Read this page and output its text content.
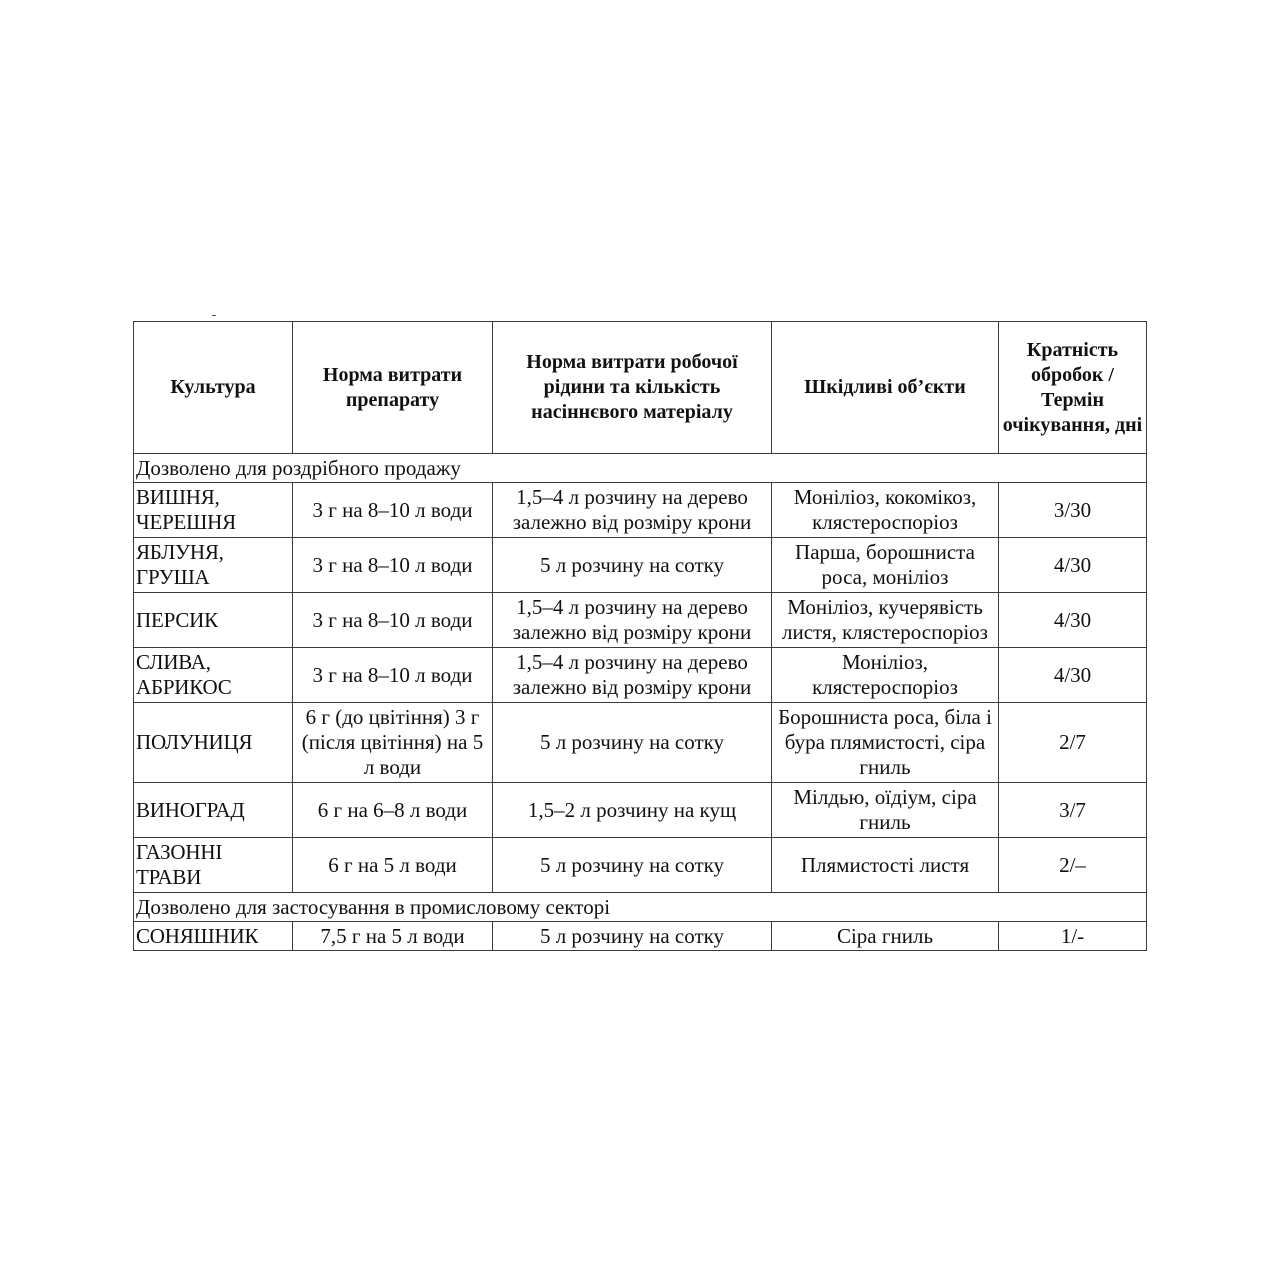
Культура	Норма витрати препарату	Норма витрати робочої рідини та кількість насіннєвого матеріалу	Шкідливі об’єкти	Кратність обробок / Термін очікування, дні
Дозволено для роздрібного продажу				
ВИШНЯ, ЧЕРЕШНЯ	3 г на 8–10 л води	1,5–4 л розчину на дерево залежно від розміру крони	Моніліоз, кокомікоз, клястероспоріоз	3/30
ЯБЛУНЯ, ГРУША	3 г на 8–10 л води	5 л розчину на сотку	Парша, борошниста роса, моніліоз	4/30
ПЕРСИК	3 г на 8–10 л води	1,5–4 л розчину на дерево залежно від розміру крони	Моніліоз, кучерявість листя, клястероспоріоз	4/30
СЛИВА, АБРИКОС	3 г на 8–10 л води	1,5–4 л розчину на дерево залежно від розміру крони	Моніліоз, клястероспоріоз	4/30
ПОЛУНИЦЯ	6 г (до цвітіння) 3 г (після цвітіння) на 5 л води	5 л розчину на сотку	Борошниста роса, біла і бура плямистості, сіра гниль	2/7
ВИНОГРАД	6 г на 6–8 л води	1,5–2 л розчину на кущ	Мілдью, оїдіум, сіра гниль	3/7
ГАЗОННІ ТРАВИ	6 г на 5 л води	5 л розчину на сотку	Плямистості листя	2/–
Дозволено для застосування в промисловому секторі				
СОНЯШНИК	7,5 г на 5 л води	5 л розчину на сотку	Сіра гниль	1/-
